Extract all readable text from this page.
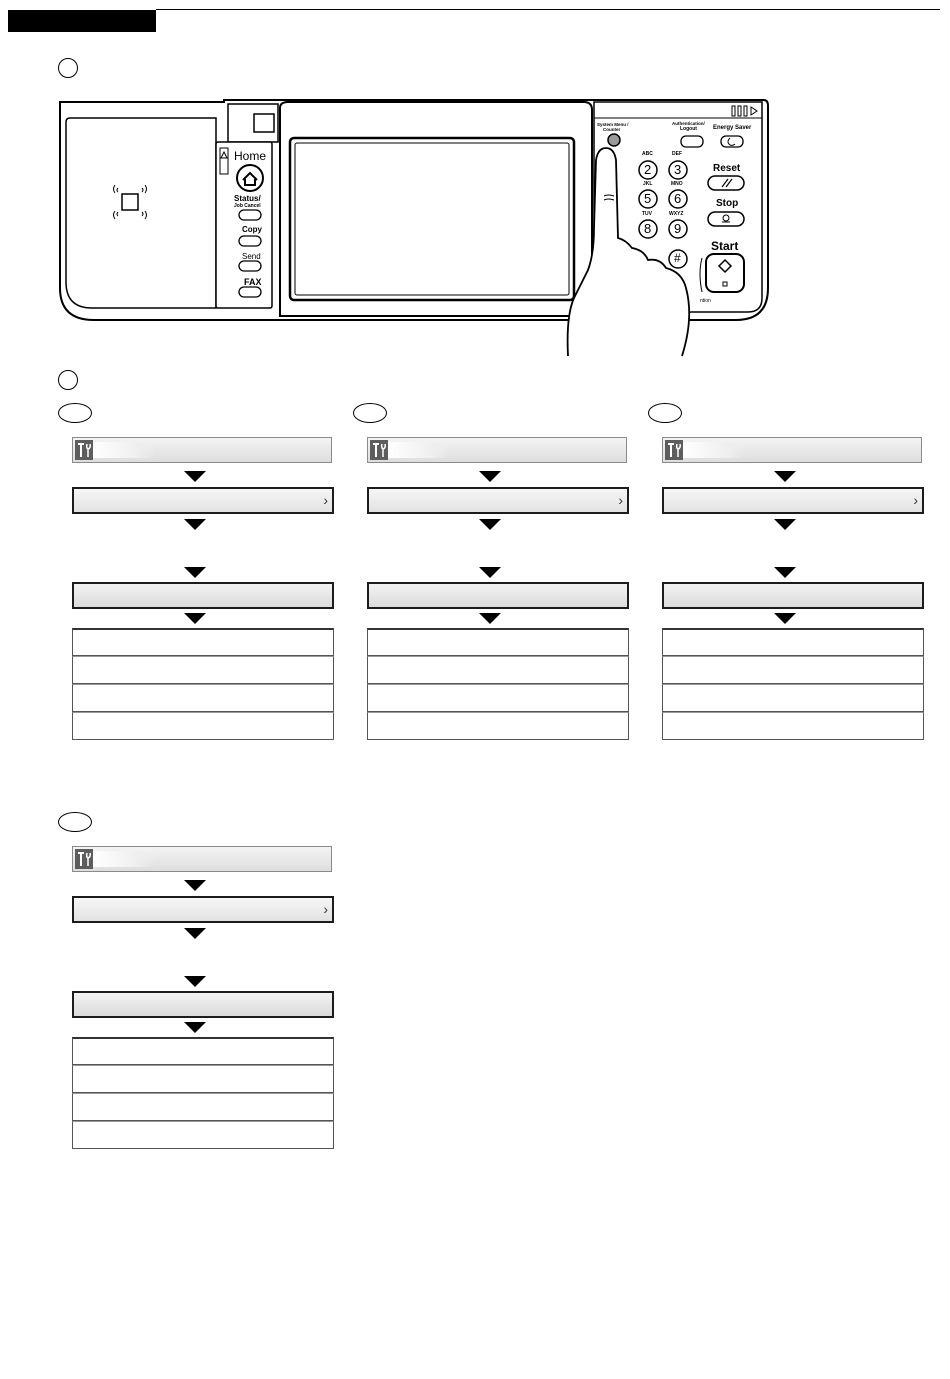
Home
Status/
Job Cancel
Copy
Send
FAX
System Menu /
Counter
Authentication/
Logout	Energy Saver
Reset
Stop
Start
ntion
ABC
2
DEF
3
JKL
5
MNO
6
TUV
8
WXYZ
9
#
›	›	›
›
